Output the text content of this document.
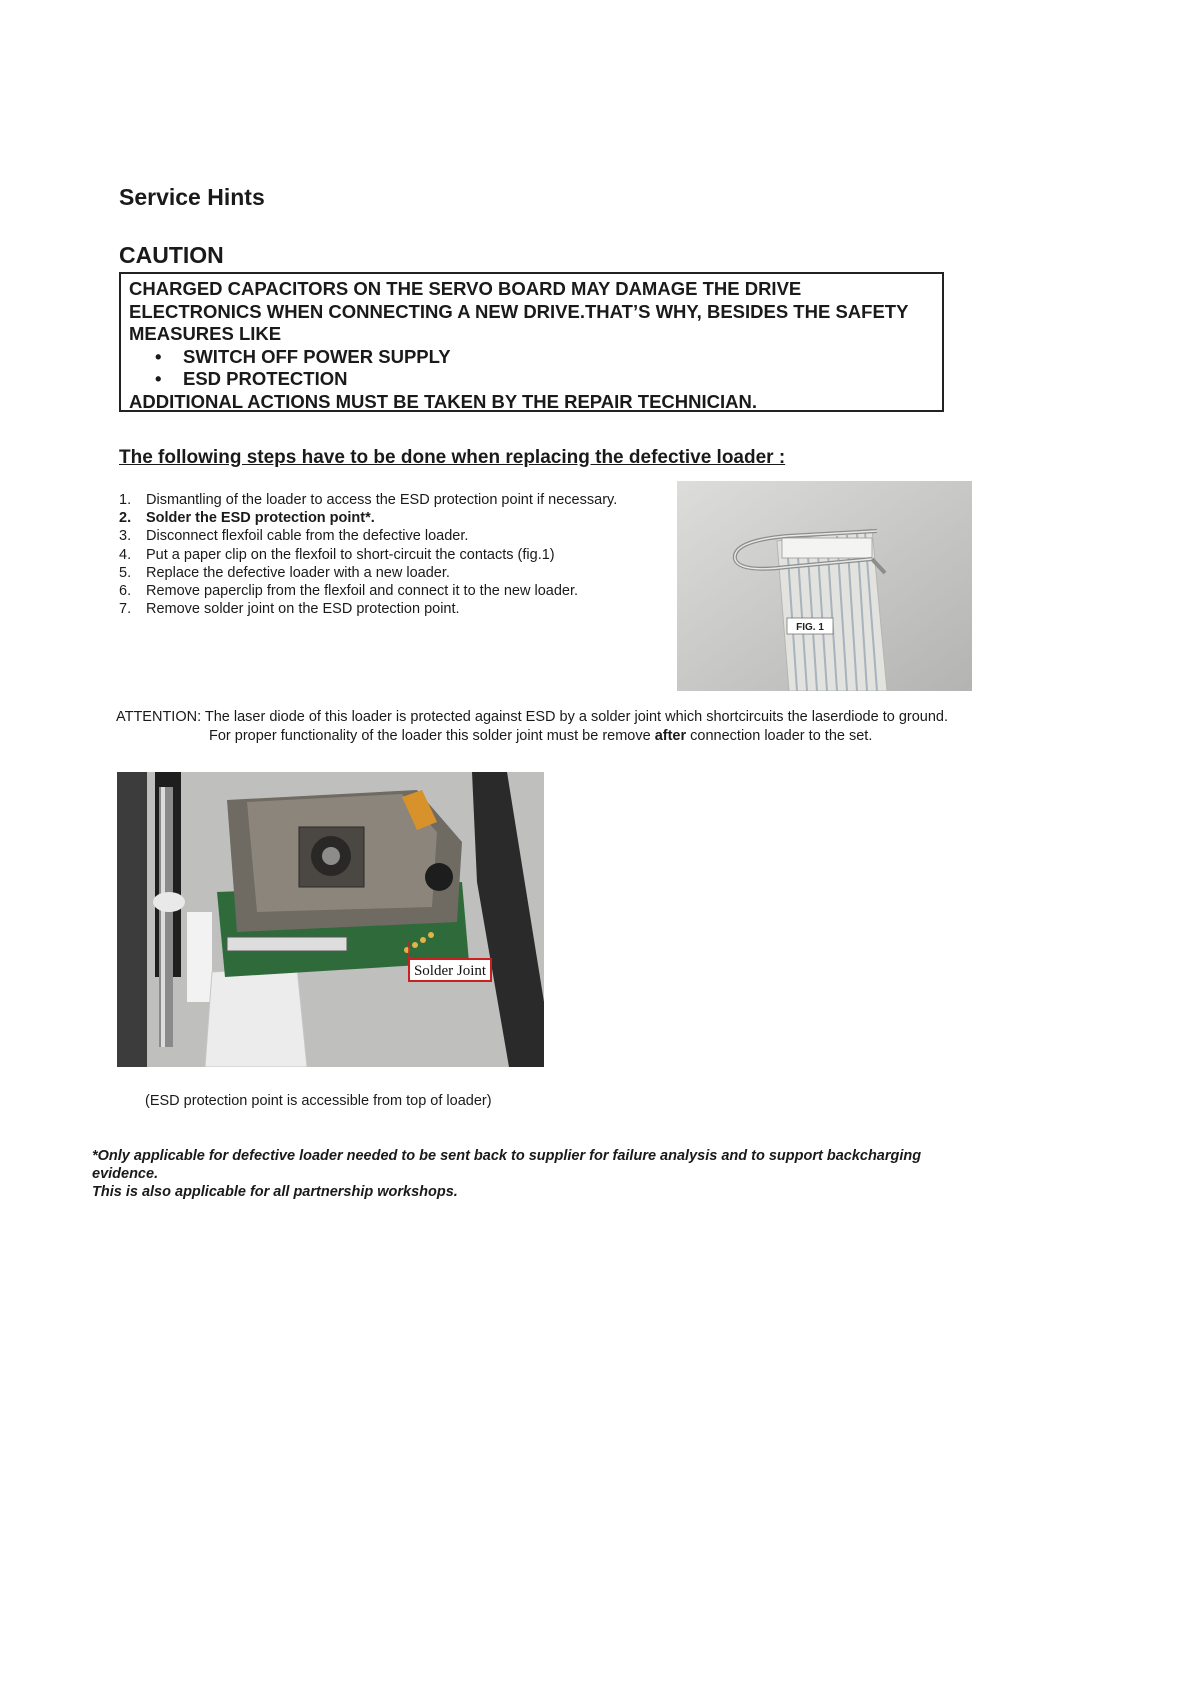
Service Hints
CAUTION
CHARGED CAPACITORS ON THE SERVO BOARD MAY DAMAGE THE DRIVE
ELECTRONICS WHEN CONNECTING A NEW DRIVE.THAT’S WHY, BESIDES THE SAFETY
MEASURES LIKE
• SWITCH OFF POWER SUPPLY
• ESD PROTECTION
ADDITIONAL ACTIONS MUST BE TAKEN BY THE REPAIR TECHNICIAN.
The following steps have to be done when replacing the defective loader :
1. Dismantling of the loader to access the ESD protection point if necessary.
2. Solder the ESD protection point*.
3. Disconnect flexfoil cable from the defective loader.
4. Put a paper clip on the flexfoil to short-circuit the contacts (fig.1)
5. Replace the defective loader with a new loader.
6. Remove paperclip from the flexfoil and connect it to the new loader.
7. Remove solder joint on the ESD protection point.
FIG. 1
ATTENTION: The laser diode of this loader is protected against ESD by a solder joint which shortcircuits the laserdiode to ground.
For proper functionality of the loader this solder joint must be remove after connection loader to the set.
Solder Joint
(ESD protection point is accessible from top of loader)
*Only applicable for defective loader needed to be sent back to supplier for failure analysis and to support backcharging
evidence.
This is also applicable for all partnership workshops.
